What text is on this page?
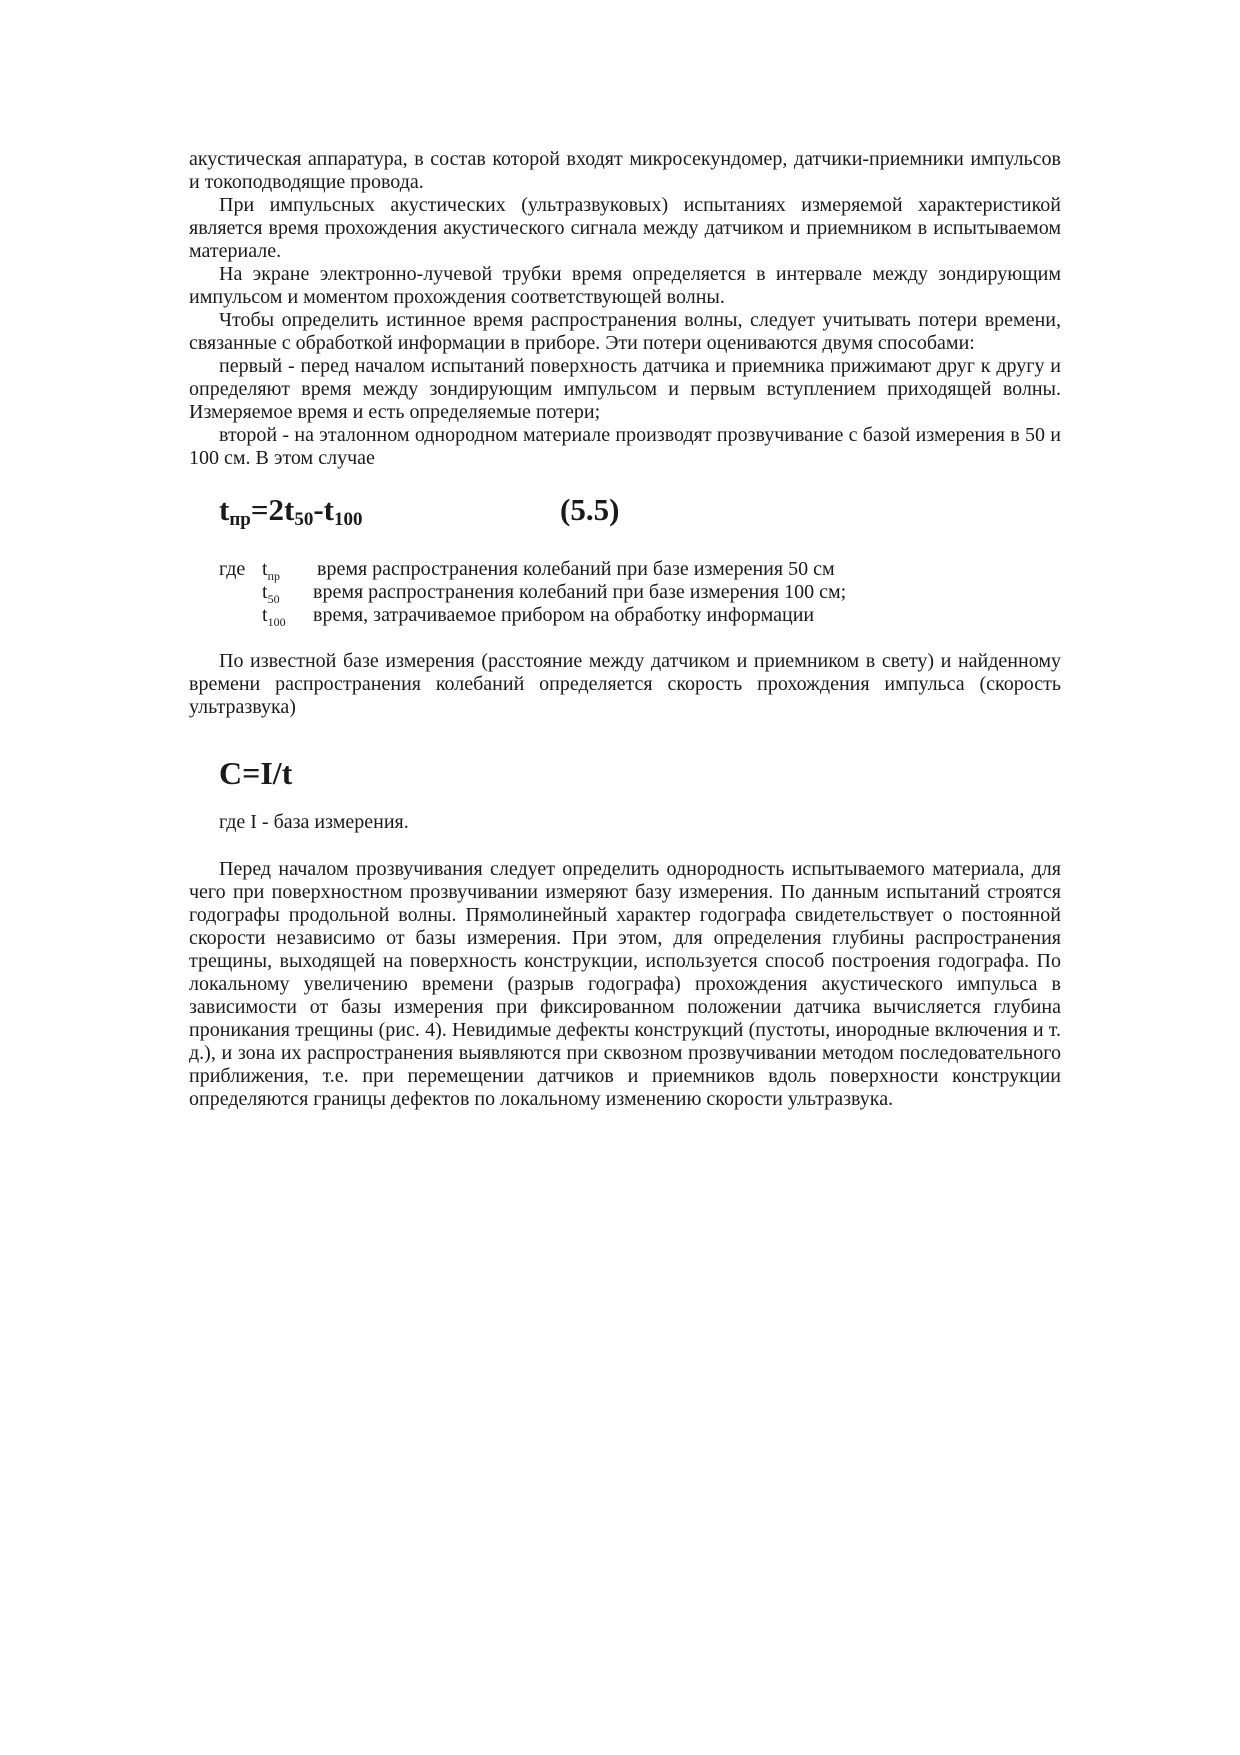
акустическая аппаратура, в состав которой входят микросекундомер, датчики-приемники импульсов и токоподводящие провода.

При импульсных акустических (ультразвуковых) испытаниях измеряемой характеристикой является время прохождения акустического сигнала между датчиком и приемником в испытываемом материале.

На экране электронно-лучевой трубки время определяется в интервале между зондирующим импульсом и моментом прохождения соответствующей волны.

Чтобы определить истинное время распространения волны, следует учитывать потери времени, связанные с обработкой информации в приборе. Эти потери оцениваются двумя способами:

первый - перед началом испытаний поверхность датчика и приемника прижимают друг к другу и определяют время между зондирующим импульсом и первым вступлением приходящей волны. Измеряемое время и есть определяемые потери;

второй - на эталонном однородном материале производят прозвучивание с базой измерения в 50 и 100 см. В этом случае

$t_{пр}=2t_{50}-t_{100}$	(5.5)
где $t_{пр}$ время распространения колебаний при базе измерения 50 см
$t_{50}$ время распространения колебаний при базе измерения 100 см;
$t_{100}$ время, затрачиваемое прибором на обработку информации

По известной базе измерения (расстояние между датчиком и приемником в свету) и найденному времени распространения колебаний определяется скорость прохождения импульса (скорость ультразвука)

C=I/t
где I - база измерения.

Перед началом прозвучивания следует определить однородность испытываемого материала, для чего при поверхностном прозвучивании измеряют базу измерения. По данным испытаний строятся годографы продольной волны. Прямолинейный характер годографа свидетельствует о постоянной скорости независимо от базы измерения. При этом, для определения глубины распространения трещины, выходящей на поверхность конструкции, используется способ построения годографа. По локальному увеличению времени (разрыв годографа) прохождения акустического импульса в зависимости от базы измерения при фиксированном положении датчика вычисляется глубина проникания трещины (рис. 4). Невидимые дефекты конструкций (пустоты, инородные включения и т. д.), и зона их распространения выявляются при сквозном прозвучивании методом последовательного приближения, т.е. при перемещении датчиков и приемников вдоль поверхности конструкции определяются границы дефектов по локальному изменению скорости ультразвука.
